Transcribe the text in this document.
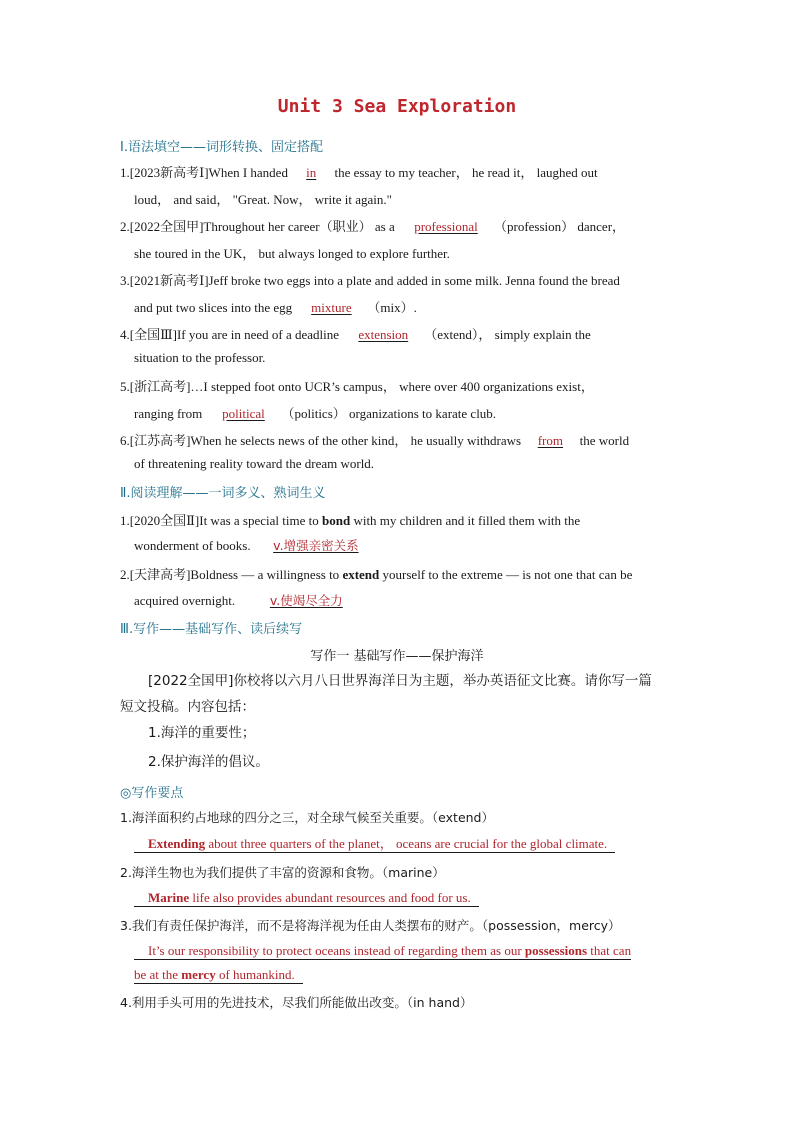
Unit 3 Sea Exploration
Ⅰ.语法填空——词形转换、固定搭配
1.[2023新高考Ⅰ]When I handed in the essay to my teacher， he read it， laughed out
loud， and said， "Great. Now， write it again."
2.[2022全国甲]Throughout her career（职业） as a professional （profession） dancer，
she toured in the UK， but always longed to explore further.
3.[2021新高考Ⅰ]Jeff broke two eggs into a plate and added in some milk. Jenna found the bread
and put two slices into the egg mixture （mix）.
4.[全国Ⅲ]If you are in need of a deadline extension （extend）， simply explain the
situation to the professor.
5.[浙江高考]…I stepped foot onto UCR’s campus， where over 400 organizations exist，
ranging from political （politics） organizations to karate club.
6.[江苏高考]When he selects news of the other kind， he usually withdraws from the world
of threatening reality toward the dream world.
Ⅱ.阅读理解——一词多义、熟词生义
1.[2020全国Ⅱ]It was a special time to bond with my children and it filled them with the
wonderment of books. v.增强亲密关系
2.[天津高考]Boldness — a willingness to extend yourself to the extreme — is not one that can be
acquired overnight.	v.使竭尽全力
Ⅲ.写作——基础写作、读后续写
写作一 基础写作——保护海洋
[2022全国甲]你校将以六月八日世界海洋日为主题，举办英语征文比赛。请你写一篇
短文投稿。内容包括：
1.海洋的重要性；
2.保护海洋的倡议。
◎写作要点
1.海洋面积约占地球的四分之三，对全球气候至关重要。（extend）
Extending about three quarters of the planet， oceans are crucial for the global climate.
2.海洋生物也为我们提供了丰富的资源和食物。（marine）
Marine life also provides abundant resources and food for us.
3.我们有责任保护海洋，而不是将海洋视为任由人类摆布的财产。（possession，mercy）
It’s our responsibility to protect oceans instead of regarding them as our possessions that can
be at the mercy of humankind.
4.利用手头可用的先进技术，尽我们所能做出改变。（in hand）
